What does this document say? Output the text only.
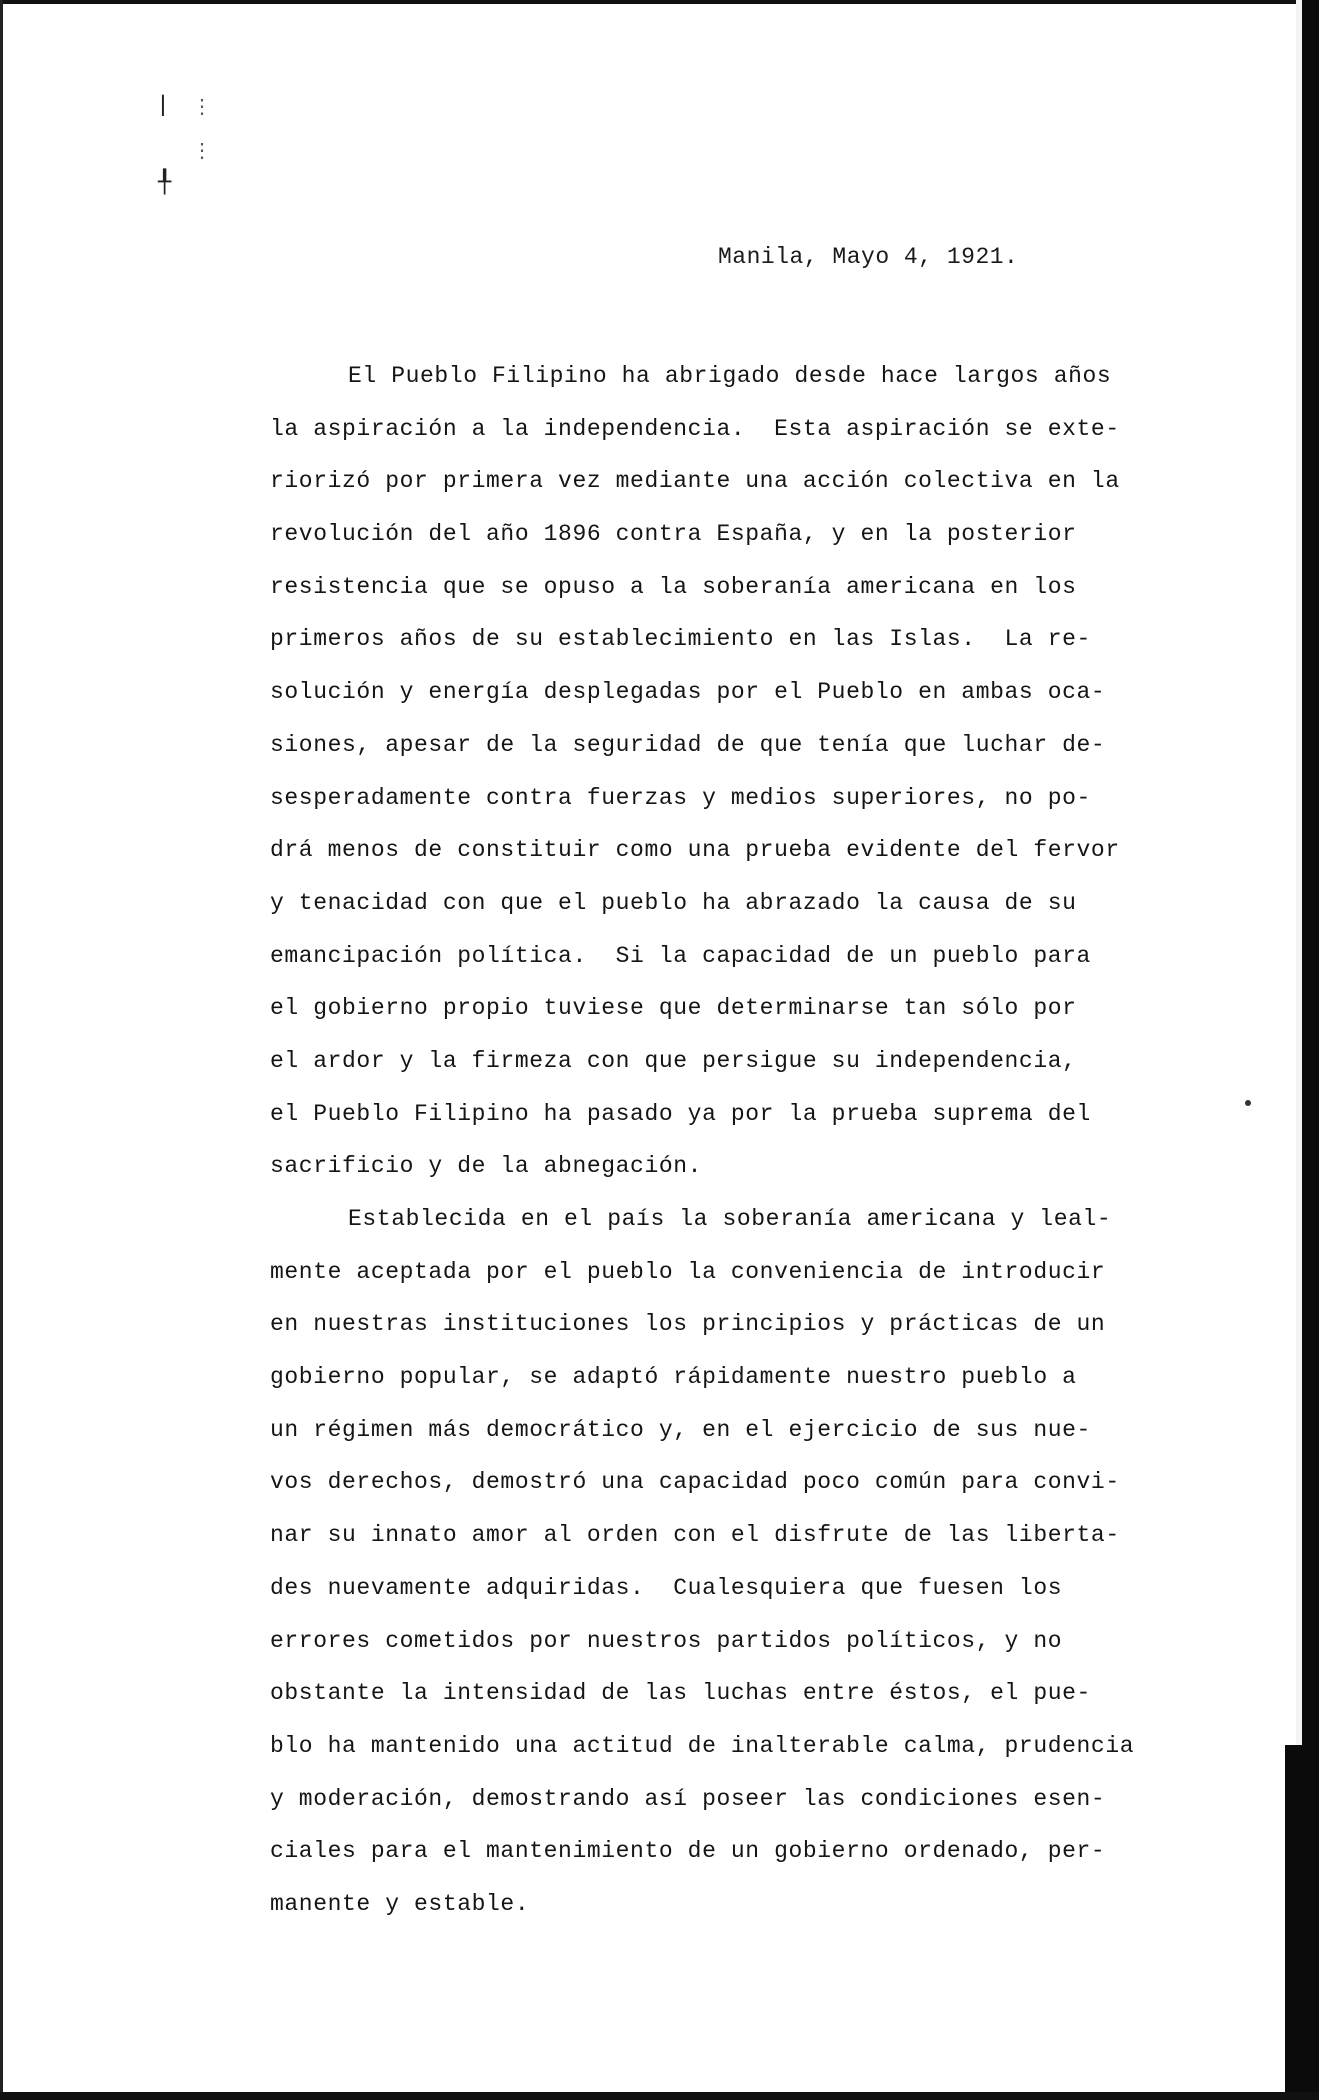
❘ ⋮
⋮
╀
Manila, Mayo 4, 1921.
El Pueblo Filipino ha abrigado desde hace largos años
la aspiración a la independencia.  Esta aspiración se exte-
riorizó por primera vez mediante una acción colectiva en la
revolución del año 1896 contra España, y en la posterior
resistencia que se opuso a la soberanía americana en los
primeros años de su establecimiento en las Islas.  La re-
solución y energía desplegadas por el Pueblo en ambas oca-
siones, apesar de la seguridad de que tenía que luchar de-
sesperadamente contra fuerzas y medios superiores, no po-
drá menos de constituir como una prueba evidente del fervor
y tenacidad con que el pueblo ha abrazado la causa de su
emancipación política.  Si la capacidad de un pueblo para
el gobierno propio tuviese que determinarse tan sólo por
el ardor y la firmeza con que persigue su independencia,
el Pueblo Filipino ha pasado ya por la prueba suprema del
sacrificio y de la abnegación.
Establecida en el país la soberanía americana y leal-
mente aceptada por el pueblo la conveniencia de introducir
en nuestras instituciones los principios y prácticas de un
gobierno popular, se adaptó rápidamente nuestro pueblo a
un régimen más democrático y, en el ejercicio de sus nue-
vos derechos, demostró una capacidad poco común para convi-
nar su innato amor al orden con el disfrute de las liberta-
des nuevamente adquiridas.  Cualesquiera que fuesen los
errores cometidos por nuestros partidos políticos, y no
obstante la intensidad de las luchas entre éstos, el pue-
blo ha mantenido una actitud de inalterable calma, prudencia
y moderación, demostrando así poseer las condiciones esen-
ciales para el mantenimiento de un gobierno ordenado, per-
manente y estable.
